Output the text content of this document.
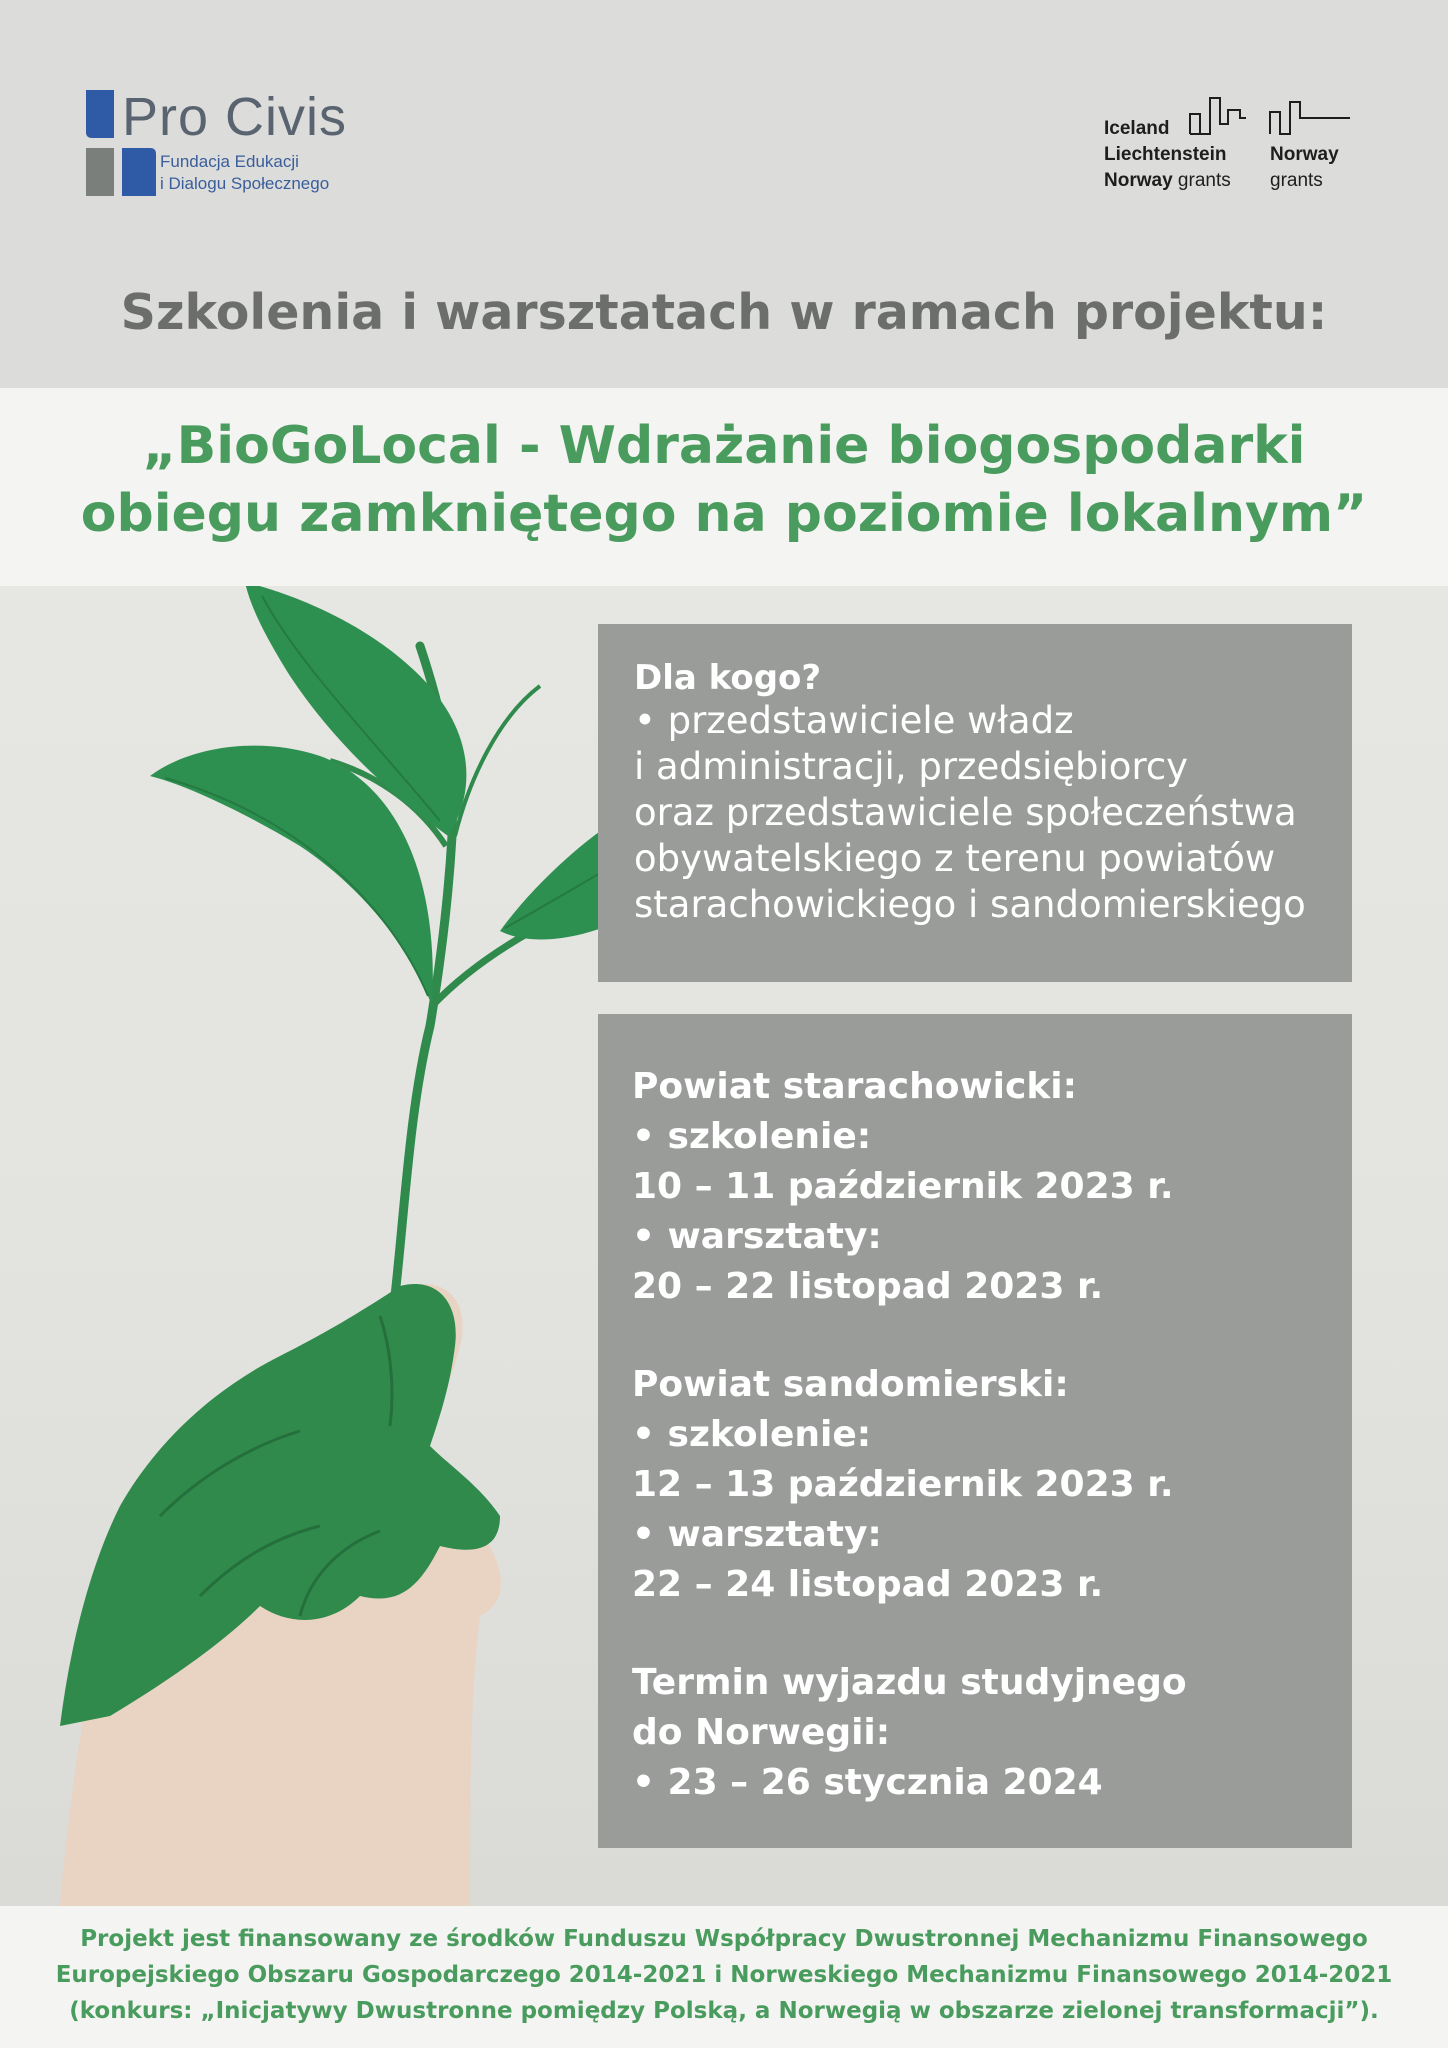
Pro Civis
Fundacja Edukacji
i Dialogu Społecznego
Iceland
Liechtenstein
Norway grants
Norway
grants
Szkolenia i warsztatach w ramach projektu:
„BioGoLocal - Wdrażanie biogospodarki
obiegu zamkniętego na poziomie lokalnym”
Dla kogo?
• przedstawiciele władz
i administracji, przedsiębiorcy
oraz przedstawiciele społeczeństwa
obywatelskiego z terenu powiatów
starachowickiego i sandomierskiego
Powiat starachowicki:
• szkolenie:
10 – 11 październik 2023 r.
• warsztaty:
20 – 22 listopad 2023 r.
Powiat sandomierski:
• szkolenie:
12 – 13 październik 2023 r.
• warsztaty:
22 – 24 listopad 2023 r.
Termin wyjazdu studyjnego
do Norwegii:
• 23 – 26 stycznia 2024
Projekt jest finansowany ze środków Funduszu Współpracy Dwustronnej Mechanizmu Finansowego
Europejskiego Obszaru Gospodarczego 2014-2021 i Norweskiego Mechanizmu Finansowego 2014-2021
(konkurs: „Inicjatywy Dwustronne pomiędzy Polską, a Norwegią w obszarze zielonej transformacji”).
